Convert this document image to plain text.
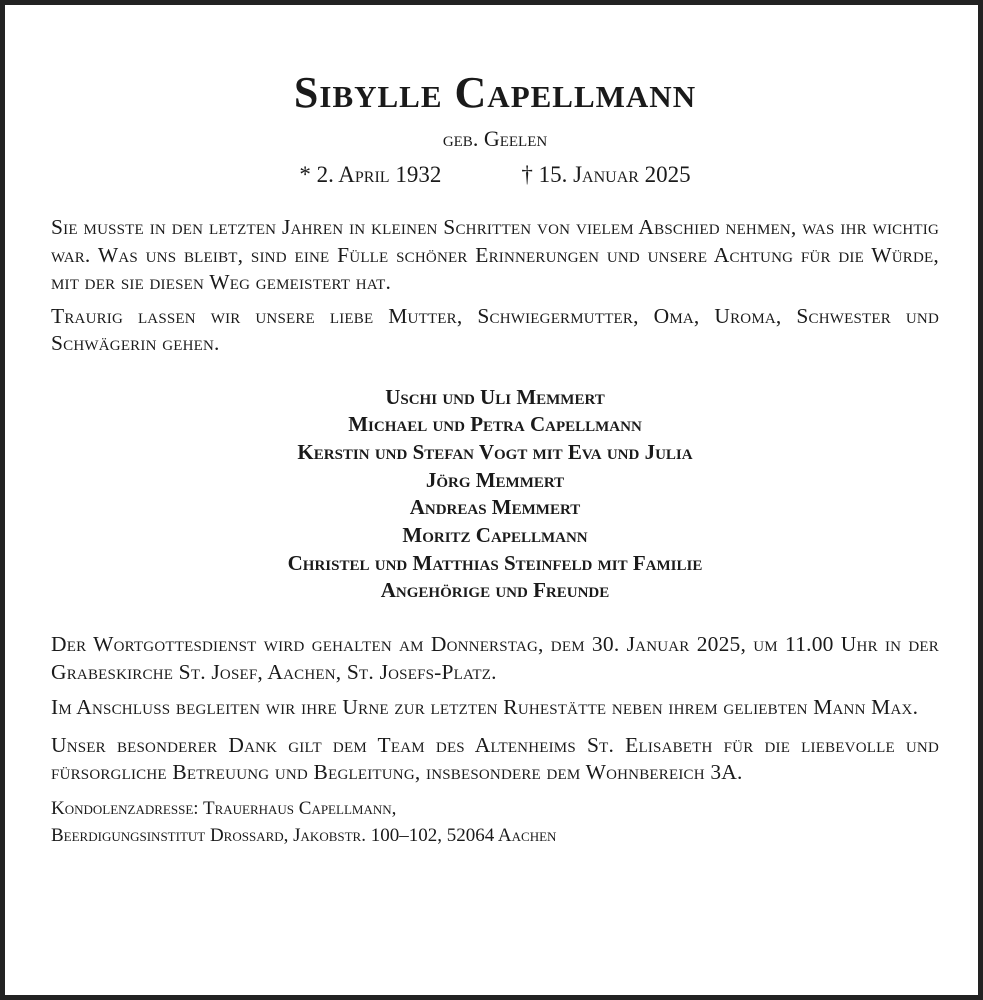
Sibylle Capellmann
geb. Geelen
* 2. April 1932	† 15. Januar 2025

Sie musste in den letzten Jahren in kleinen Schritten von vielem Abschied nehmen, was ihr wichtig war. Was uns bleibt, sind eine Fülle schöner Erinnerungen und unsere Achtung für die Würde, mit der sie diesen Weg gemeistert hat.

Traurig lassen wir unsere liebe Mutter, Schwiegermutter, Oma, Uroma, Schwester und Schwägerin gehen.

Uschi und Uli Memmert
Michael und Petra Capellmann
Kerstin und Stefan Vogt mit Eva und Julia
Jörg Memmert
Andreas Memmert
Moritz Capellmann
Christel und Matthias Steinfeld mit Familie
Angehörige und Freunde

Der Wortgottesdienst wird gehalten am Donnerstag, dem 30. Januar 2025, um 11.00 Uhr in der Grabeskirche St. Josef, Aachen, St. Josefs-Platz.

Im Anschluss begleiten wir ihre Urne zur letzten Ruhestätte neben ihrem geliebten Mann Max.

Unser besonderer Dank gilt dem Team des Altenheims St. Elisabeth für die liebevolle und fürsorgliche Betreuung und Begleitung, insbesondere dem Wohnbereich 3A.

Kondolenzadresse: Trauerhaus Capellmann,
Beerdigungsinstitut Drossard, Jakobstr. 100–102, 52064 Aachen
